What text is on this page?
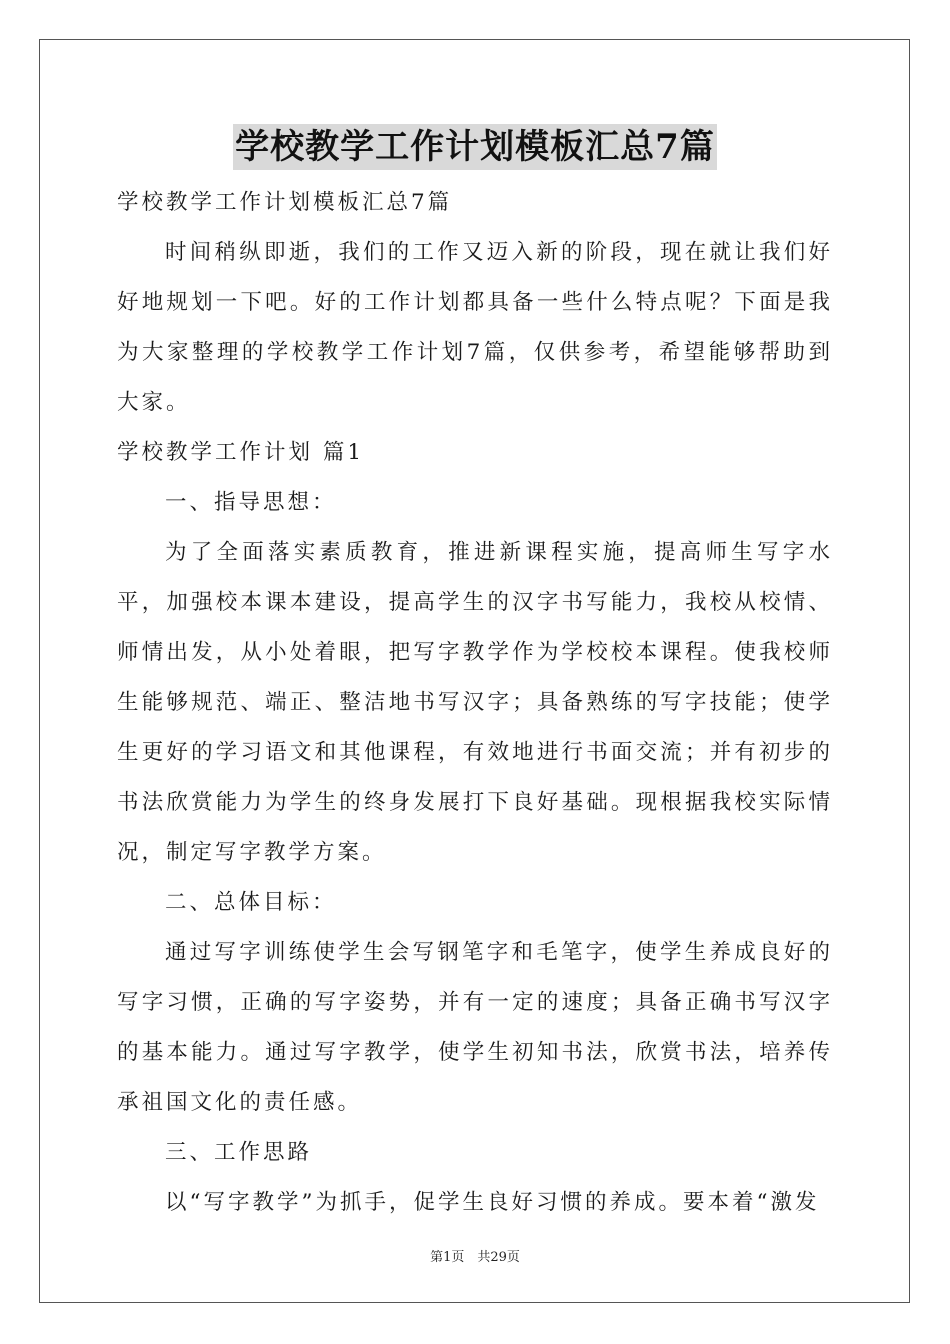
学校教学工作计划模板汇总7篇

学校教学工作计划模板汇总7篇

时间稍纵即逝，我们的工作又迈入新的阶段，现在就让我们好好地规划一下吧。好的工作计划都具备一些什么特点呢？下面是我为大家整理的学校教学工作计划7篇，仅供参考，希望能够帮助到大家。

学校教学工作计划 篇1

一、指导思想：

为了全面落实素质教育，推进新课程实施，提高师生写字水平，加强校本课本建设，提高学生的汉字书写能力，我校从校情、师情出发，从小处着眼，把写字教学作为学校校本课程。使我校师生能够规范、端正、整洁地书写汉字；具备熟练的写字技能；使学生更好的学习语文和其他课程，有效地进行书面交流；并有初步的书法欣赏能力为学生的终身发展打下良好基础。现根据我校实际情况，制定写字教学方案。

二、总体目标：

通过写字训练使学生会写钢笔字和毛笔字，使学生养成良好的写字习惯，正确的写字姿势，并有一定的速度；具备正确书写汉字的基本能力。通过写字教学，使学生初知书法，欣赏书法，培养传承祖国文化的责任感。

三、工作思路

以“写字教学”为抓手，促学生良好习惯的养成。要本着“激发

第1页　共29页
